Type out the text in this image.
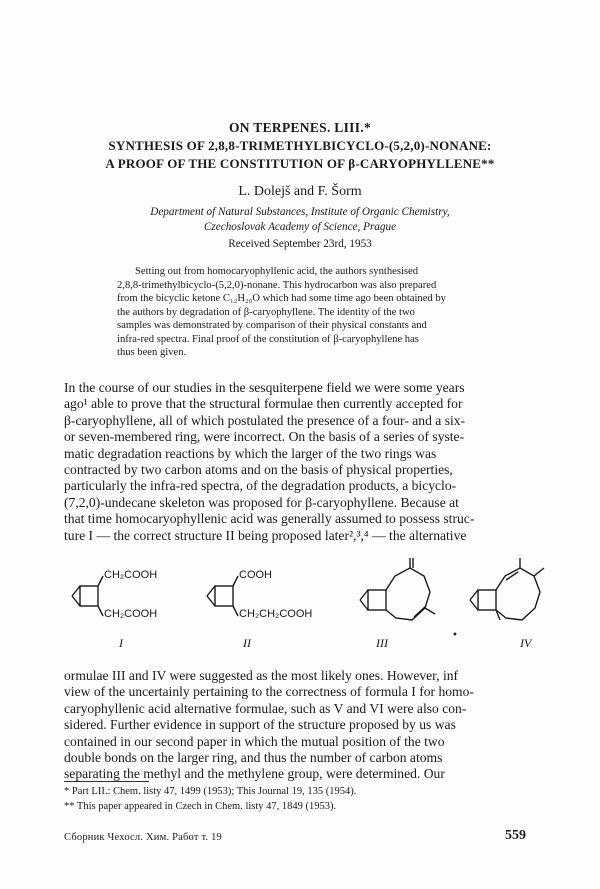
ON TERPENES. LIII.*
SYNTHESIS OF 2,8,8-TRIMETHYLBICYCLO-(5,2,0)-NONANE:
A PROOF OF THE CONSTITUTION OF β-CARYOPHYLLENE**
L. Dolejš and F. Šorm
Department of Natural Substances, Institute of Organic Chemistry,
Czechoslovak Academy of Science, Prague
Received September 23rd, 1953
Setting out from homocaryophyllenic acid, the authors synthesised
2,8,8-trimethylbicyclo-(5,2,0)-nonane. This hydrocarbon was also prepared
from the bicyclic ketone C₁₂H₂₀O which had some time ago been obtained by
the authors by degradation of β-caryophyllene. The identity of the two
samples was demonstrated by comparison of their physical constants and
infra-red spectra. Final proof of the constitution of β-caryophyllene has
thus been given.
In the course of our studies in the sesquiterpene field we were some years
ago¹ able to prove that the structural formulae then currently accepted for
β-caryophyllene, all of which postulated the presence of a four- and a six-
or seven-membered ring, were incorrect. On the basis of a series of syste-
matic degradation reactions by which the larger of the two rings was
contracted by two carbon atoms and on the basis of physical properties,
particularly the infra-red spectra, of the degradation products, a bicyclo-
(7,2,0)-undecane skeleton was proposed for β-caryophyllene. Because at
that time homocaryophyllenic acid was generally assumed to possess struc-
ture I — the correct structure II being proposed later²,³,⁴ — the alternative
CH₂COOH
CH₂COOH
COOH
CH₂CH₂COOH
I	II	III
•
IV
ormulae III and IV were suggested as the most likely ones. However, inf
view of the uncertainly pertaining to the correctness of formula I for homo-
caryophyllenic acid alternative formulae, such as V and VI were also con-
sidered. Further evidence in support of the structure proposed by us was
contained in our second paper in which the mutual position of the two
double bonds on the larger ring, and thus the number of carbon atoms
separating the methyl and the methylene group, were determined. Our
* Part LII.: Chem. listy 47, 1499 (1953); This Journal 19, 135 (1954).
** This paper appeared in Czech in Chem. listy 47, 1849 (1953).
Сборник Чехосл. Хим. Работ т. 19	559
